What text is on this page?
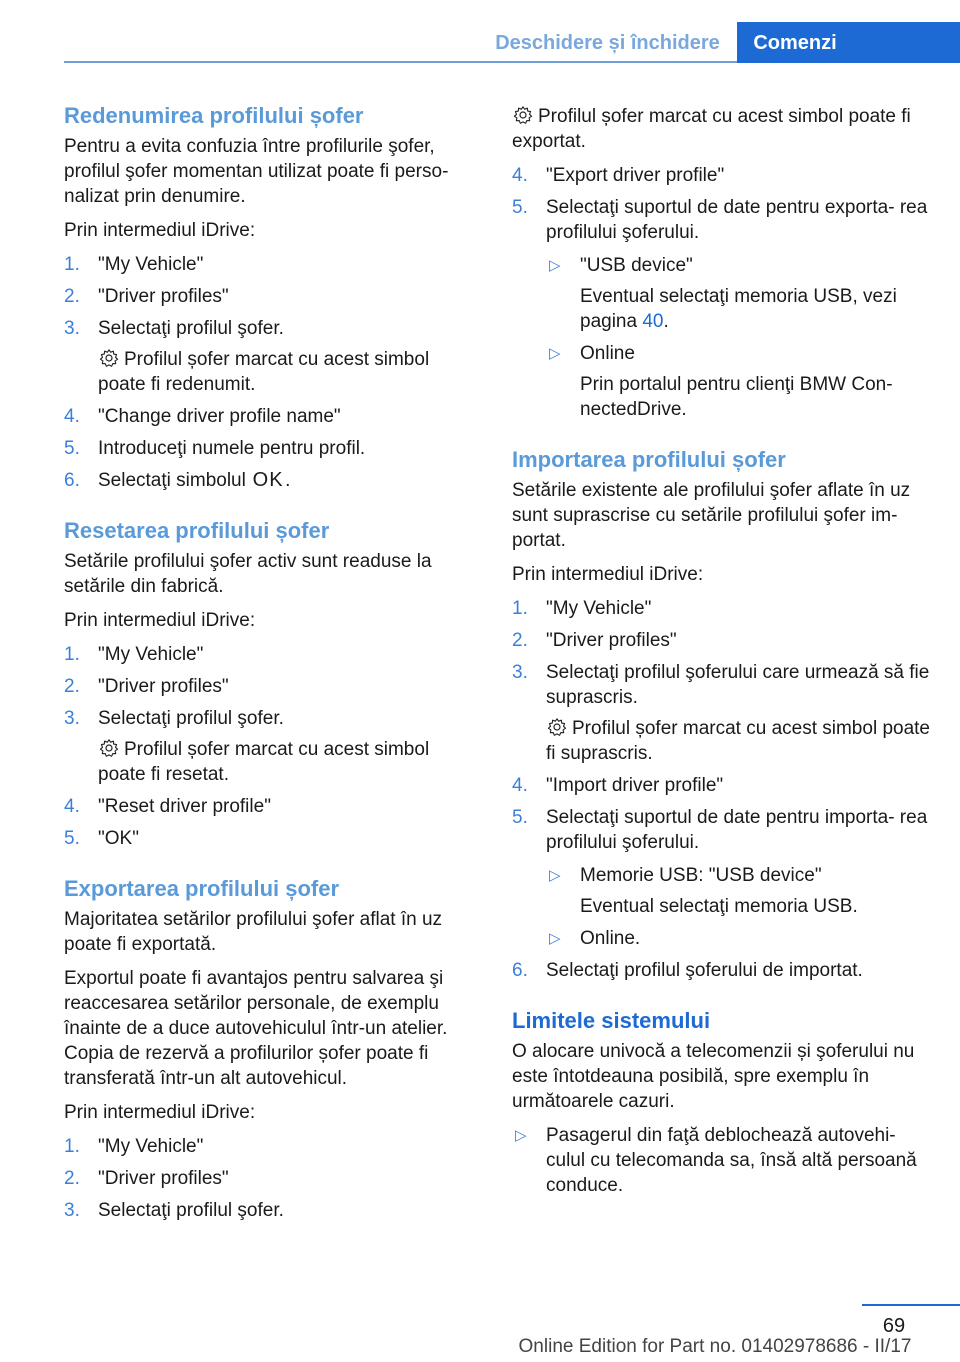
Deschidere și închidere	Comenzi
Redenumirea profilului șofer

Pentru a evita confuzia între profilurile şofer, profilul şofer momentan utilizat poate fi perso‐ nalizat prin denumire.

Prin intermediul iDrive:

1. "My Vehicle"
2. "Driver profiles"
3. Selectaţi profilul şofer.
Profilul șofer marcat cu acest simbol poate fi redenumit.
4. "Change driver profile name"
5. Introduceţi numele pentru profil.
6. Selectaţi simbolul OK.
Resetarea profilului șofer

Setările profilului şofer activ sunt readuse la setările din fabrică.

Prin intermediul iDrive:

1. "My Vehicle"
2. "Driver profiles"
3. Selectaţi profilul şofer.
Profilul șofer marcat cu acest simbol poate fi resetat.
4. "Reset driver profile"
5. "OK"
Exportarea profilului șofer

Majoritatea setărilor profilului şofer aflat în uz poate fi exportată.

Exportul poate fi avantajos pentru salvarea şi reaccesarea setărilor personale, de exemplu înainte de a duce autovehiculul într-un atelier. Copia de rezervă a profilurilor șofer poate fi transferată într-un alt autovehicul.

Prin intermediul iDrive:

1. "My Vehicle"
2. "Driver profiles"
3. Selectaţi profilul şofer.
Profilul șofer marcat cu acest simbol poate fi exportat.
4. "Export driver profile"
5. Selectaţi suportul de date pentru exporta‐ rea profilului şoferului.
▷ "USB device"
Eventual selectaţi memoria USB, vezi pagina 40.
▷ Online
Prin portalul pentru clienţi BMW Con‐ nectedDrive.
Importarea profilului șofer

Setările existente ale profilului şofer aflate în uz sunt suprascrise cu setările profilului şofer im‐ portat.

Prin intermediul iDrive:

1. "My Vehicle"
2. "Driver profiles"
3. Selectaţi profilul şoferului care urmează să fie suprascris.
Profilul șofer marcat cu acest simbol poate fi suprascris.
4. "Import driver profile"
5. Selectaţi suportul de date pentru importa‐ rea profilului şoferului.
▷ Memorie USB: "USB device"
Eventual selectaţi memoria USB.
▷ Online.
6. Selectaţi profilul şoferului de importat.
Limitele sistemului

O alocare univocă a telecomenzii și şoferului nu este întotdeauna posibilă, spre exemplu în următoarele cazuri.

▷ Pasagerul din faţă deblochează autovehi‐ culul cu telecomanda sa, însă altă persoană conduce.
69
Online Edition for Part no. 01402978686 - II/17
